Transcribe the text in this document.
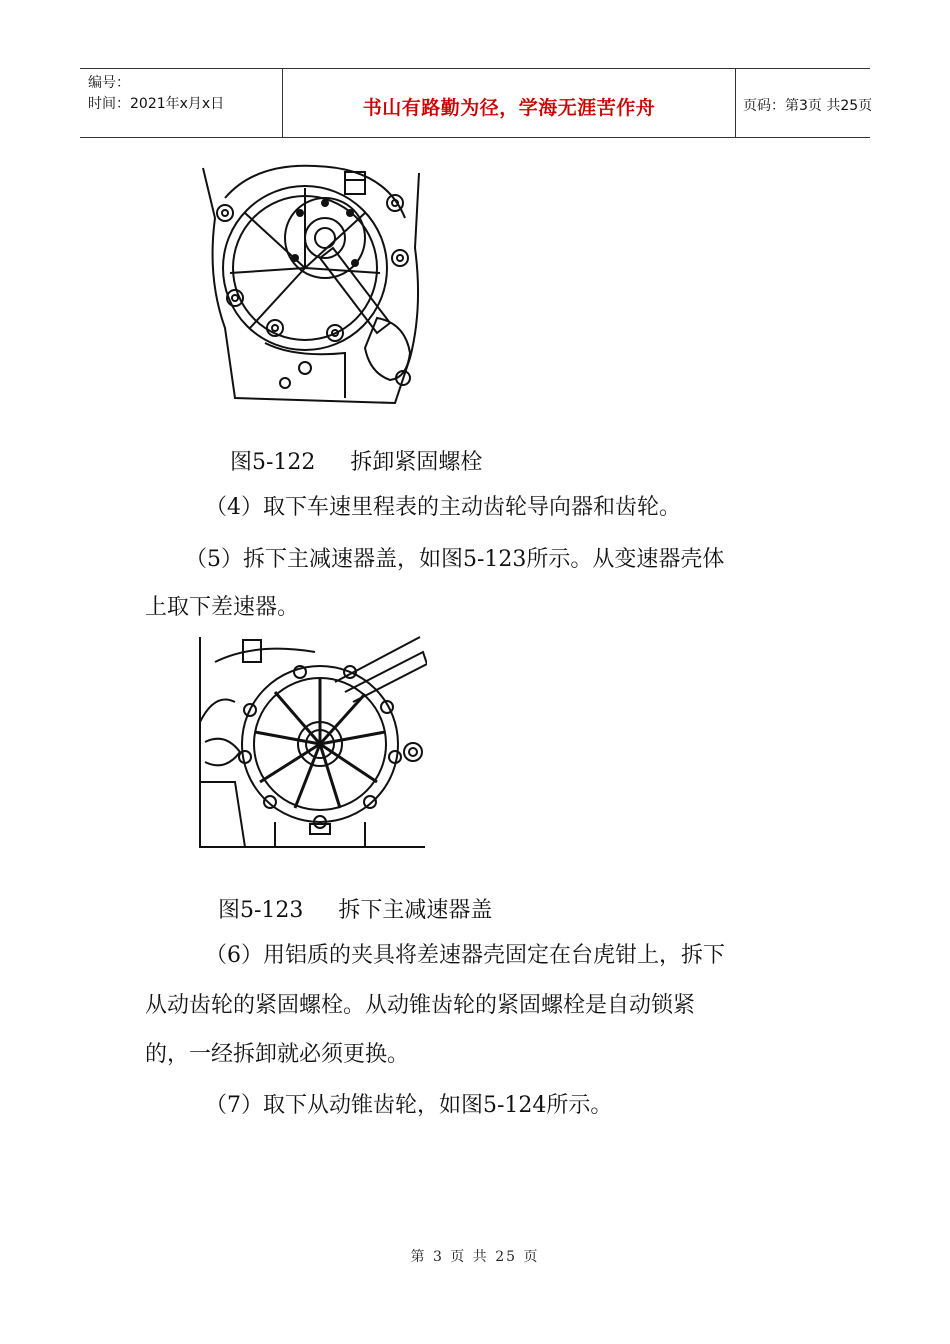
编号：
时间：2021年x月x日	书山有路勤为径，学海无涯苦作舟	页码：第3页 共25页
图5-122     拆卸紧固螺栓
（4）取下车速里程表的主动齿轮导向器和齿轮。
（5）拆下主减速器盖，如图5-123所示。从变速器壳体
上取下差速器。
图5-123     拆下主减速器盖
（6）用铝质的夹具将差速器壳固定在台虎钳上，拆下
从动齿轮的紧固螺栓。从动锥齿轮的紧固螺栓是自动锁紧
的，一经拆卸就必须更换。
（7）取下从动锥齿轮，如图5-124所示。
第 3 页 共 25 页
